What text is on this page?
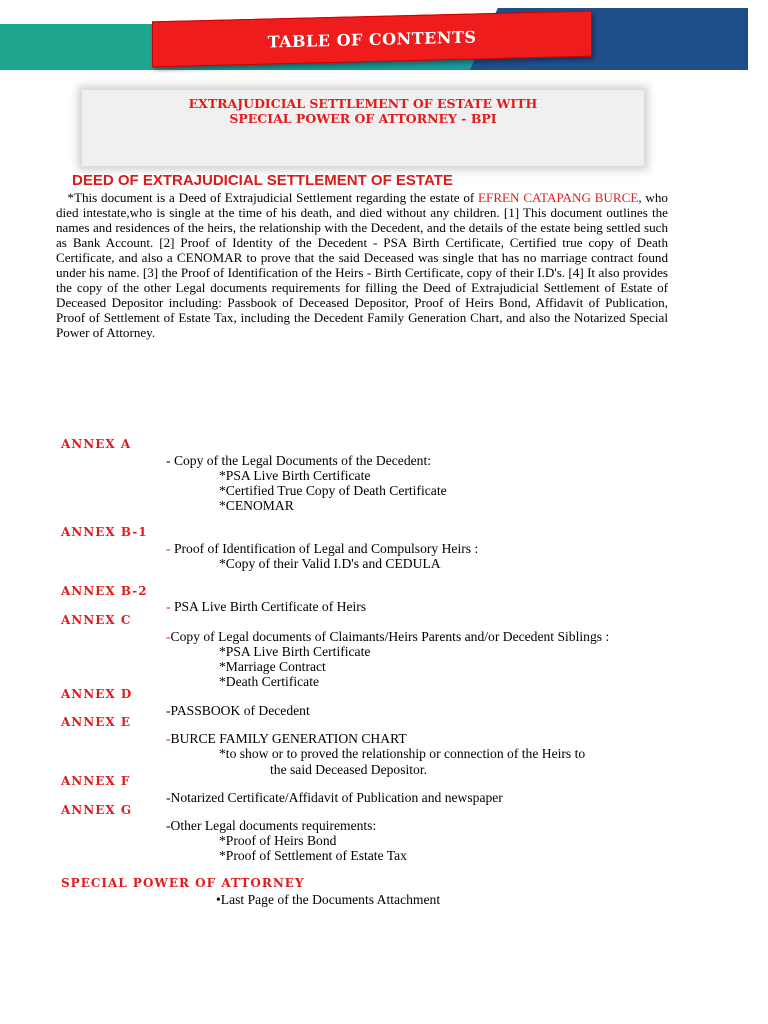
TABLE OF CONTENTS
EXTRAJUDICIAL SETTLEMENT OF ESTATE WITH
SPECIAL POWER OF ATTORNEY - BPI
DEED OF EXTRAJUDICIAL SETTLEMENT OF ESTATE
*This document is a Deed of Extrajudicial Settlement regarding the estate of EFREN CATAPANG BURCE, who died intestate,who is single at the time of his death, and died without any children. [1] This document outlines the names and residences of the heirs, the relationship with the Decedent, and the details of the estate being settled such as Bank Account. [2] Proof of Identity of the Decedent - PSA Birth Certificate, Certified true copy of Death Certificate, and also a CENOMAR to prove that the said Deceased was single that has no marriage contract found under his name. [3] the Proof of Identification of the Heirs - Birth Certificate, copy of their I.D's. [4] It also provides the copy of the other Legal documents requirements for filling the Deed of Extrajudicial Settlement of Estate of Deceased Depositor including: Passbook of Deceased Depositor, Proof of Heirs Bond, Affidavit of Publication, Proof of Settlement of Estate Tax, including the Decedent Family Generation Chart, and also the Notarized Special Power of Attorney.
ANNEX A
- Copy of the Legal Documents of the Decedent:
*PSA Live Birth Certificate
*Certified True Copy of Death Certificate
*CENOMAR
ANNEX B-1
- Proof of Identification of Legal and Compulsory Heirs :
*Copy of their Valid I.D's and CEDULA
ANNEX B-2
- PSA Live Birth Certificate of Heirs
ANNEX C
-Copy of Legal documents of Claimants/Heirs Parents and/or Decedent Siblings :
*PSA Live Birth Certificate
*Marriage Contract
*Death Certificate
ANNEX D
-PASSBOOK of Decedent
ANNEX E
-BURCE FAMILY GENERATION CHART
*to show or to proved the relationship or connection of the Heirs to
the said Deceased Depositor.
ANNEX F
-Notarized Certificate/Affidavit of Publication and newspaper
ANNEX G
-Other Legal documents requirements:
*Proof of Heirs Bond
*Proof of Settlement of Estate Tax
SPECIAL POWER OF ATTORNEY
•Last Page of the Documents Attachment
